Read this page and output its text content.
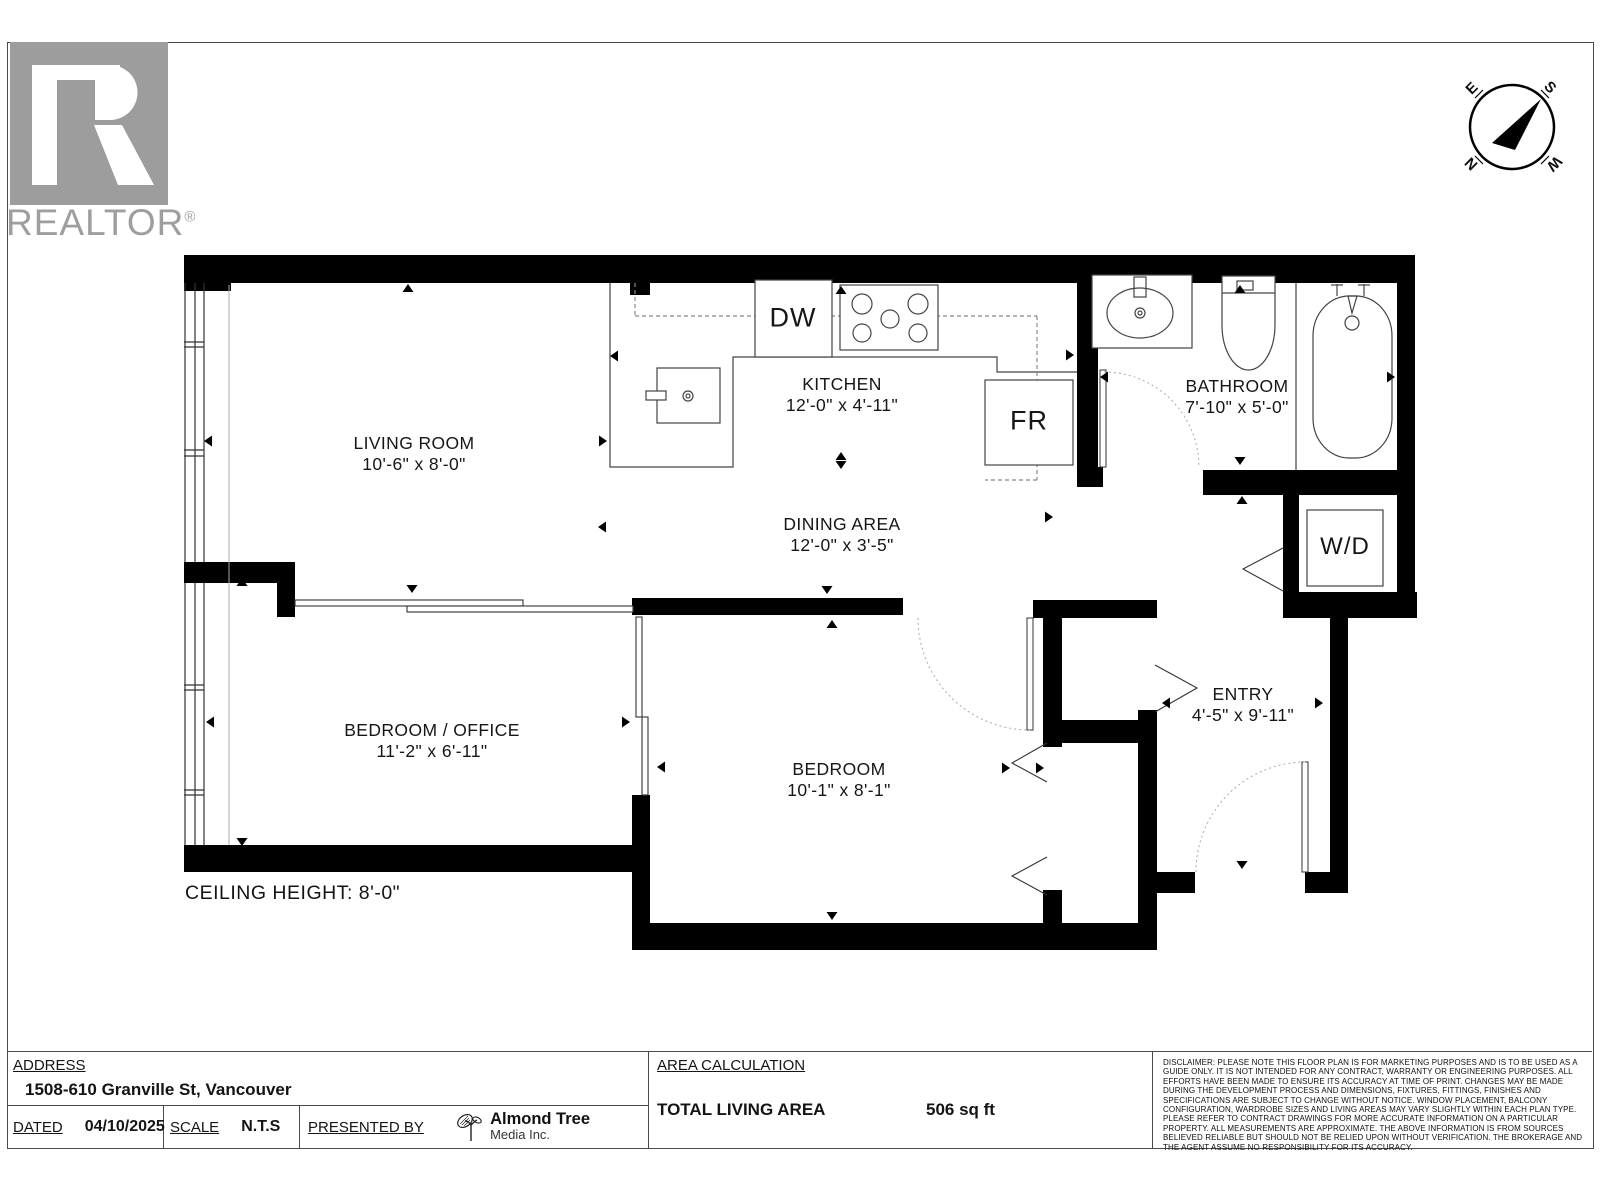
REALTOR®
E	S
W
N
LIVING ROOM
10'-6" x 8'-0"
KITCHEN
12'-0" x 4'-11"
DINING AREA
12'-0" x 3'-5"
BATHROOM
7'-10" x 5'-0"
BEDROOM / OFFICE
11'-2" x 6'-11"
BEDROOM
10'-1" x 8'-1"
ENTRY
4'-5" x 9'-11"
DW
FR
W/D
CEILING HEIGHT: 8'-0"
ADDRESS
1508-610 Granville St, Vancouver
DATED 04/10/2025 SCALE N.T.S PRESENTED BY	Almond Tree
Media Inc.
AREA CALCULATION
TOTAL LIVING AREA	506 sq ft
DISCLAIMER: PLEASE NOTE THIS FLOOR PLAN IS FOR MARKETING PURPOSES AND IS TO BE USED AS A GUIDE ONLY. IT IS NOT INTENDED FOR ANY CONTRACT, WARRANTY OR ENGINEERING PURPOSES. ALL EFFORTS HAVE BEEN MADE TO ENSURE ITS ACCURACY AT TIME OF PRINT. CHANGES MAY BE MADE DURING THE DEVELOPMENT PROCESS AND DIMENSIONS, FIXTURES, FITTINGS, FINISHES AND SPECIFICATIONS ARE SUBJECT TO CHANGE WITHOUT NOTICE. WINDOW PLACEMENT, BALCONY CONFIGURATION, WARDROBE SIZES AND LIVING AREAS MAY VARY SLIGHTLY WITHIN EACH PLAN TYPE. PLEASE REFER TO CONTRACT DRAWINGS FOR MORE ACCURATE INFORMATION ON A PARTICULAR PROPERTY. ALL MEASUREMENTS ARE APPROXIMATE. THE ABOVE INFORMATION IS FROM SOURCES BELIEVED RELIABLE BUT SHOULD NOT BE RELIED UPON WITHOUT VERIFICATION. THE BROKERAGE AND THE AGENT ASSUME NO RESPONSIBILITY FOR ITS ACCURACY.
